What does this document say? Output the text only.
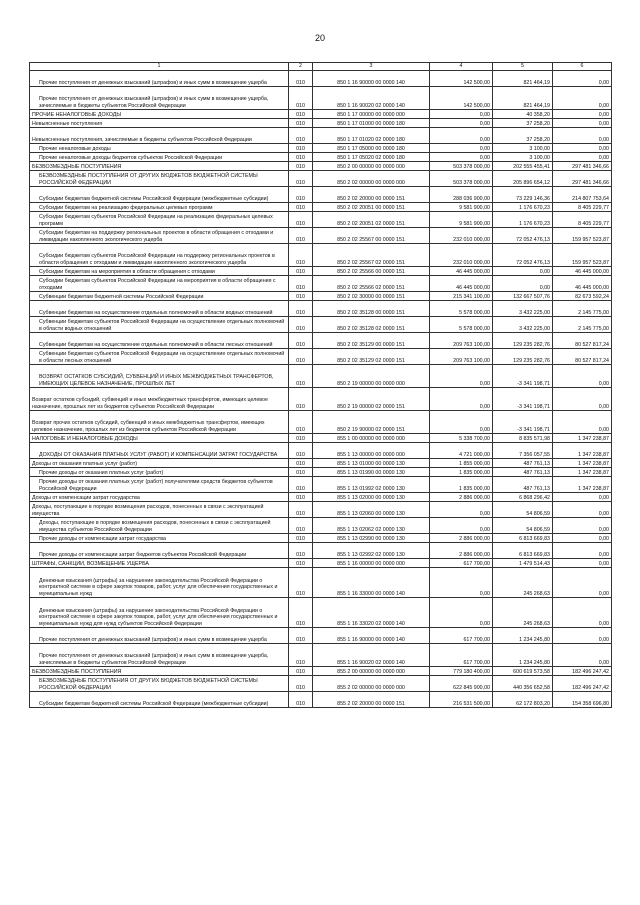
20
1	2	3	4	5	6
Прочие поступления от денежных взысканий (штрафов) и иных сумм в возмещение ущерба	010	850 1 16 90000 00 0000 140	142 500,00	821 464,19	0,00
Прочие поступления от денежных взысканий (штрафов) и иных сумм в возмещение ущерба, зачисляемые в бюджеты субъектов Российской Федерации	010	850 1 16 90020 02 0000 140	142 500,00	821 464,19	0,00
ПРОЧИЕ НЕНАЛОГОВЫЕ ДОХОДЫ	010	850 1 17 00000 00 0000 000	0,00	40 358,20	0,00
Невыясненные поступления	010	850 1 17 01000 00 0000 180	0,00	37 258,20	0,00
Невыясненные поступления, зачисляемые в бюджеты субъектов Российской Федерации	010	850 1 17 01020 02 0000 180	0,00	37 258,20	0,00
Прочие неналоговые доходы	010	850 1 17 05000 00 0000 180	0,00	3 100,00	0,00
Прочие неналоговые доходы бюджетов субъектов Российской Федерации	010	850 1 17 05020 02 0000 180	0,00	3 100,00	0,00
БЕЗВОЗМЕЗДНЫЕ ПОСТУПЛЕНИЯ	010	850 2 00 00000 00 0000 000	503 378 000,00	202 555 455,41	297 481 346,66
БЕЗВОЗМЕЗДНЫЕ ПОСТУПЛЕНИЯ ОТ ДРУГИХ БЮДЖЕТОВ БЮДЖЕТНОЙ СИСТЕМЫ РОССИЙСКОЙ ФЕДЕРАЦИИ	010	850 2 02 00000 00 0000 000	503 378 000,00	205 896 654,12	297 481 346,66
Субсидии бюджетам бюджетной системы Российской Федерации (межбюджетные субсидии)	010	850 2 02 20000 00 0000 151	288 036 900,00	73 229 146,36	214 807 753,64
Субсидии бюджетам на реализацию федеральных целевых программ	010	850 2 02 20051 00 0000 151	9 581 900,00	1 176 670,23	8 405 229,77
Субсидии бюджетам субъектов Российской Федерации на реализацию федеральных целевых программ	010	850 2 02 20051 02 0000 151	9 581 900,00	1 176 670,23	8 405 229,77
Субсидии бюджетам на поддержку региональных проектов в области обращения с отходами и ликвидации накопленного экологического ущерба	010	850 2 02 25567 00 0000 151	232 010 000,00	72 052 476,13	159 957 523,87
Субсидии бюджетам субъектов Российской Федерации на поддержку региональных проектов в области обращения с отходами и ликвидации накопленного экологического ущерба	010	850 2 02 25567 02 0000 151	232 010 000,00	72 052 476,13	159 957 523,87
Субсидии бюджетам на мероприятия в области обращения с отходами	010	850 2 02 25566 00 0000 151	46 445 000,00	0,00	46 445 000,00
Субсидии бюджетам субъектов Российской Федерации на мероприятия в области обращения с отходами	010	850 2 02 25566 02 0000 151	46 445 000,00	0,00	46 445 000,00
Субвенции бюджетам бюджетной системы Российской Федерации	010	850 2 02 30000 00 0000 151	215 341 100,00	132 667 507,76	82 673 592,24
Субвенции бюджетам на осуществление отдельных полномочий в области водных отношений	010	850 2 02 35128 00 0000 151	5 578 000,00	3 432 225,00	2 145 775,00
Субвенции бюджетам субъектов Российской Федерации на осуществление отдельных полномочий в области водных отношений	010	850 2 02 35128 02 0000 151	5 578 000,00	3 432 225,00	2 145 775,00
Субвенции бюджетам на осуществление отдельных полномочий в области лесных отношений	010	850 2 02 35129 00 0000 151	209 763 100,00	129 235 282,76	80 527 817,24
Субвенции бюджетам субъектов Российской Федерации на осуществление отдельных полномочий в области лесных отношений	010	850 2 02 35129 02 0000 151	209 763 100,00	129 235 282,76	80 527 817,24
ВОЗВРАТ ОСТАТКОВ СУБСИДИЙ, СУБВЕНЦИЙ И ИНЫХ МЕЖБЮДЖЕТНЫХ ТРАНСФЕРТОВ, ИМЕЮЩИХ ЦЕЛЕВОЕ НАЗНАЧЕНИЕ, ПРОШЛЫХ ЛЕТ	010	850 2 19 00000 00 0000 000	0,00	-3 341 198,71	0,00
Возврат остатков субсидий, субвенций и иных межбюджетных трансфертов, имеющих целевое назначение, прошлых лет из бюджетов субъектов Российской Федерации	010	850 2 19 00000 02 0000 151	0,00	-3 341 198,71	0,00
Возврат прочих остатков субсидий, субвенций и иных межбюджетных трансфертов, имеющих целевое назначение, прошлых лет из бюджетов субъектов Российской Федерации	010	850 2 19 90000 02 0000 151	0,00	-3 341 198,71	0,00
НАЛОГОВЫЕ И НЕНАЛОГОВЫЕ ДОХОДЫ	010	855 1 00 00000 00 0000 000	5 338 700,00	8 835 571,98	1 347 238,87
ДОХОДЫ ОТ ОКАЗАНИЯ ПЛАТНЫХ УСЛУГ (РАБОТ) И КОМПЕНСАЦИИ ЗАТРАТ ГОСУДАРСТВА	010	855 1 13 00000 00 0000 000	4 721 000,00	7 356 057,55	1 347 238,87
Доходы от оказания платных услуг (работ)	010	855 1 13 01000 00 0000 130	1 855 000,00	487 761,13	1 347 238,87
Прочие доходы от оказания платных услуг (работ)	010	855 1 13 01990 00 0000 130	1 835 000,00	487 761,13	1 347 238,87
Прочие доходы от оказания платных услуг (работ) получателями средств бюджетов субъектов Российской Федерации	010	855 1 13 01992 02 0000 130	1 835 000,00	487 761,13	1 347 238,87
Доходы от компенсации затрат государства	010	855 1 13 02000 00 0000 130	2 886 000,00	6 868 296,42	0,00
Доходы, поступающие в порядке возмещения расходов, понесенных в связи с эксплуатацией имущества	010	855 1 13 02060 00 0000 130	0,00	54 806,59	0,00
Доходы, поступающие в порядке возмещения расходов, понесенных в связи с эксплуатацией имущества субъектов Российской Федерации	010	855 1 13 02062 02 0000 130	0,00	54 806,59	0,00
Прочие доходы от компенсации затрат государства	010	855 1 13 02990 00 0000 130	2 886 000,00	6 813 669,83	0,00
Прочие доходы от компенсации затрат бюджетов субъектов Российской Федерации	010	855 1 13 02992 02 0000 130	2 886 000,00	6 813 669,83	0,00
ШТРАФЫ, САНКЦИИ, ВОЗМЕЩЕНИЕ УЩЕРБА	010	855 1 16 00000 00 0000 000	617 700,00	1 479 514,43	0,00
Денежные взыскания (штрафы) за нарушение законодательства Российской Федерации о контрактной системе в сфере закупок товаров, работ, услуг для обеспечения государственных и муниципальных нужд	010	855 1 16 33000 00 0000 140	0,00	245 268,63	0,00
Денежные взыскания (штрафы) за нарушение законодательства Российской Федерации о контрактной системе в сфере закупок товаров, работ, услуг для обеспечения государственных и муниципальных нужд для нужд субъектов Российской Федерации	010	855 1 16 33020 02 0000 140	0,00	245 268,63	0,00
Прочие поступления от денежных взысканий (штрафов) и иных сумм в возмещение ущерба	010	855 1 16 90000 00 0000 140	617 700,00	1 234 245,80	0,00
Прочие поступления от денежных взысканий (штрафов) и иных сумм в возмещение ущерба, зачисляемые в бюджеты субъектов Российской Федерации	010	855 1 16 90020 02 0000 140	617 700,00	1 234 245,80	0,00
БЕЗВОЗМЕЗДНЫЕ ПОСТУПЛЕНИЯ	010	855 2 00 00000 00 0000 000	779 180 400,00	600 619 573,58	182 496 247,42
БЕЗВОЗМЕЗДНЫЕ ПОСТУПЛЕНИЯ ОТ ДРУГИХ БЮДЖЕТОВ БЮДЖЕТНОЙ СИСТЕМЫ РОССИЙСКОЙ ФЕДЕРАЦИИ	010	855 2 02 00000 00 0000 000	622 845 900,00	440 356 652,58	182 496 247,42
Субсидии бюджетам бюджетной системы Российской Федерации (межбюджетные субсидии)	010	855 2 02 20000 00 0000 151	216 531 500,00	62 172 803,20	154 358 696,80
